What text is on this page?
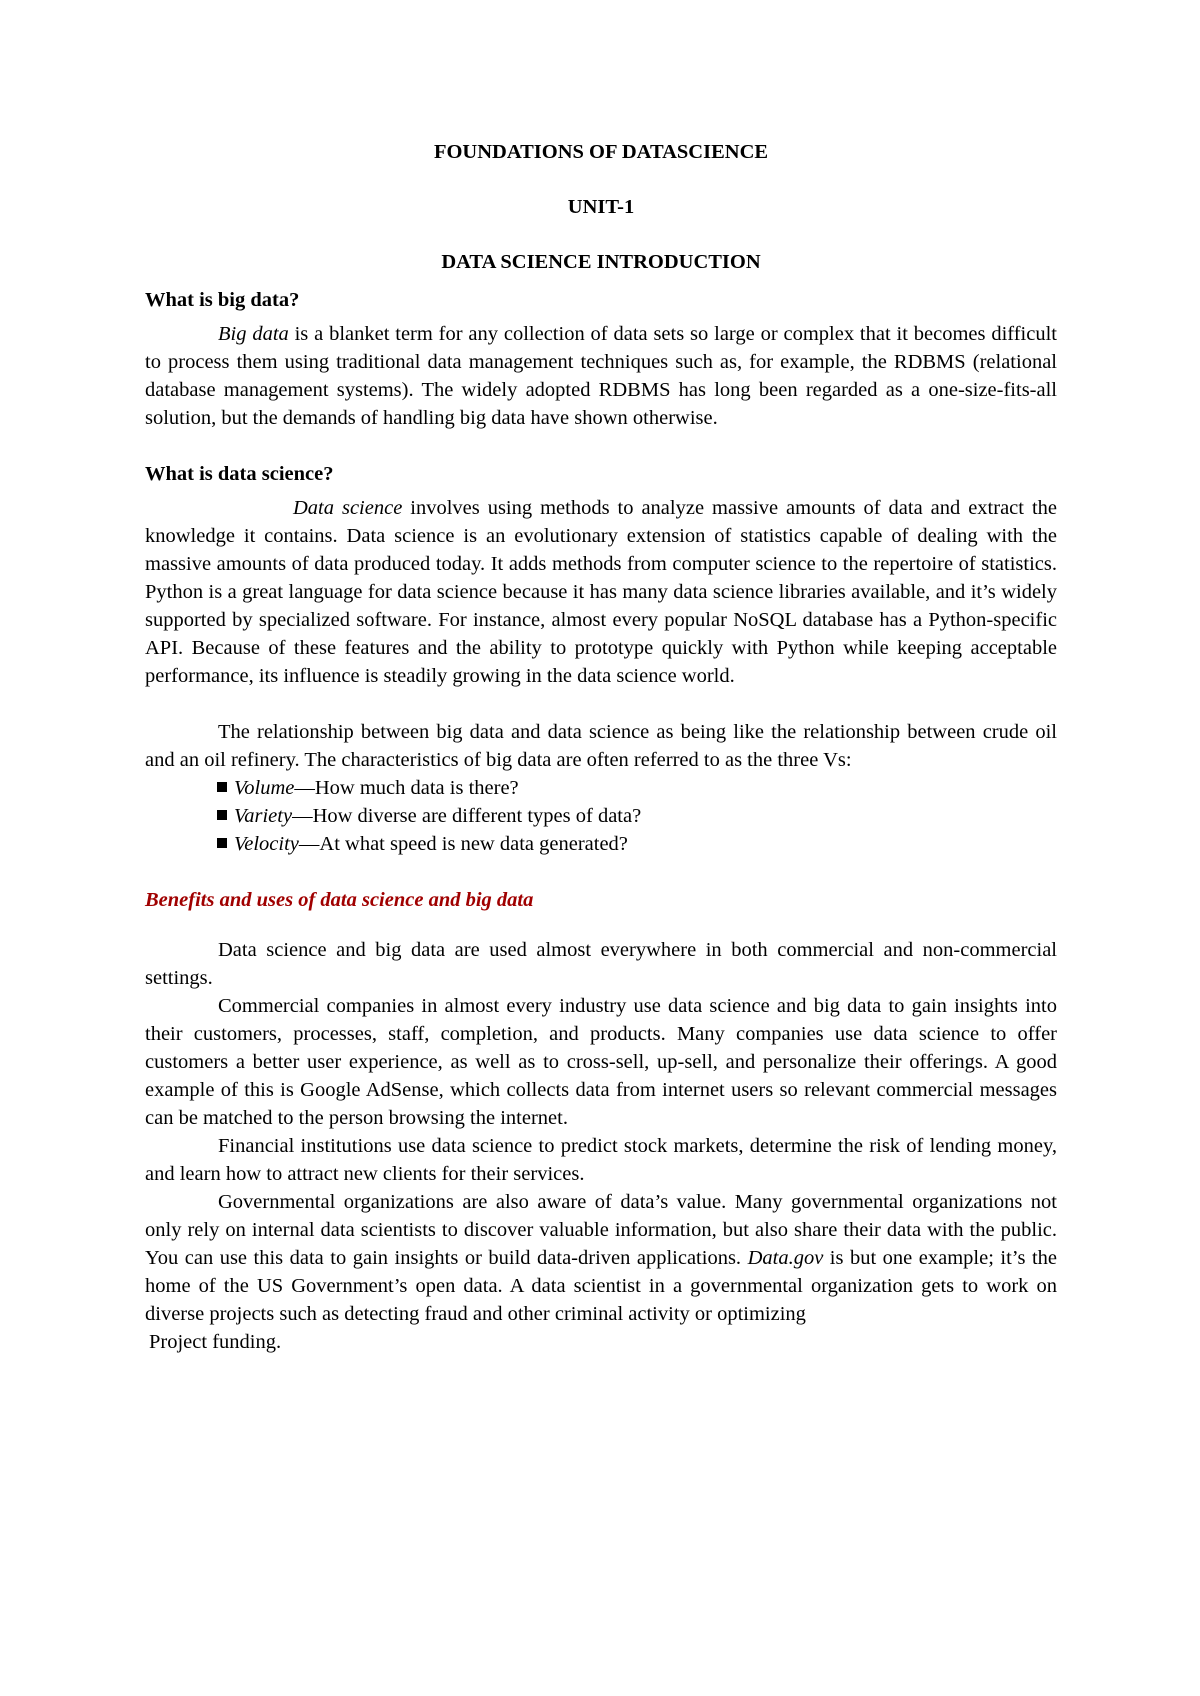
FOUNDATIONS OF DATASCIENCE

UNIT-1

DATA SCIENCE INTRODUCTION

What is big data?

Big data is a blanket term for any collection of data sets so large or complex that it becomes difficult to process them using traditional data management techniques such as, for example, the RDBMS (relational database management systems). The widely adopted RDBMS has long been regarded as a one-size-fits-all solution, but the demands of handling big data have shown otherwise.

What is data science?

Data science involves using methods to analyze massive amounts of data and extract the knowledge it contains. Data science is an evolutionary extension of statistics capable of dealing with the massive amounts of data produced today. It adds methods from computer science to the repertoire of statistics. Python is a great language for data science because it has many data science libraries available, and it’s widely supported by specialized software. For instance, almost every popular NoSQL database has a Python-specific API. Because of these features and the ability to prototype quickly with Python while keeping acceptable performance, its influence is steadily growing in the data science world.

The relationship between big data and data science as being like the relationship between crude oil and an oil refinery. The characteristics of big data are often referred to as the three Vs:

Volume—How much data is there?
Variety—How diverse are different types of data?
Velocity—At what speed is new data generated?
Benefits and uses of data science and big data

Data science and big data are used almost everywhere in both commercial and non-commercial settings.

Commercial companies in almost every industry use data science and big data to gain insights into their customers, processes, staff, completion, and products. Many companies use data science to offer customers a better user experience, as well as to cross-sell, up-sell, and personalize their offerings. A good example of this is Google AdSense, which collects data from internet users so relevant commercial messages can be matched to the person browsing the internet.

Financial institutions use data science to predict stock markets, determine the risk of lending money, and learn how to attract new clients for their services.

Governmental organizations are also aware of data’s value. Many governmental organizations not only rely on internal data scientists to discover valuable information, but also share their data with the public. You can use this data to gain insights or build data-driven applications. Data.gov is but one example; it’s the home of the US Government’s open data. A data scientist in a governmental organization gets to work on diverse projects such as detecting fraud and other criminal activity or optimizing

Project funding.
